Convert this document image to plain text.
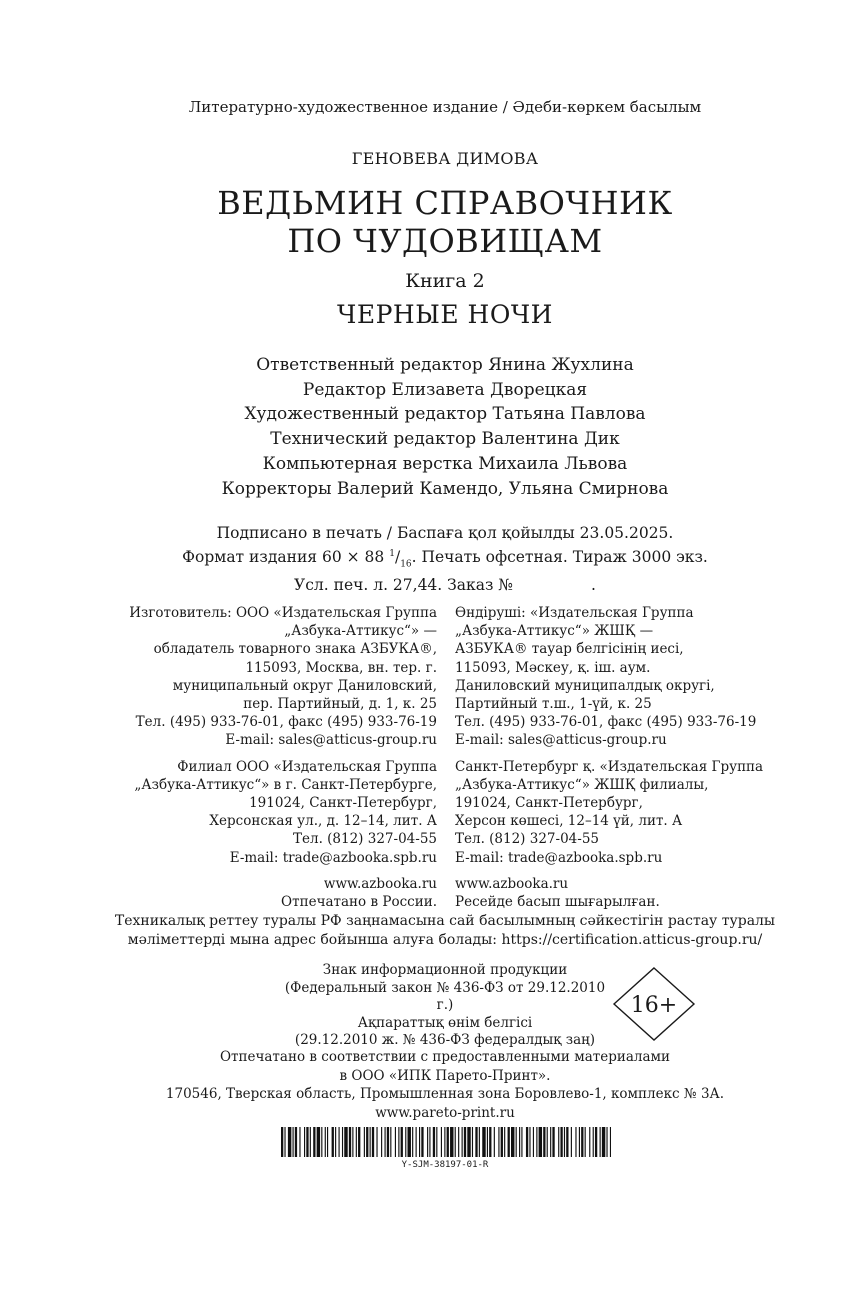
Литературно-художественное издание / Әдеби-көркем басылым
ГЕНОВЕВА ДИМОВА
ВЕДЬМИН СПРАВОЧНИК
ПО ЧУДОВИЩАМ
Книга 2
ЧЕРНЫЕ НОЧИ
Ответственный редактор Янина Жухлина
Редактор Елизавета Дворецкая
Художественный редактор Татьяна Павлова
Технический редактор Валентина Дик
Компьютерная верстка Михаила Львова
Корректоры Валерий Камендо, Ульяна Смирнова
Подписано в печать / Баспаға қол қойылды 23.05.2025.
Формат издания 60 × 88 $^1/_{16}$. Печать офсетная. Тираж 3000 экз.
Усл. печ. л. 27,44. Заказ №	.
Изготовитель: ООО «Издательская Группа
„Азбука-Аттикус“» —
обладатель товарного знака АЗБУКА®,
115093, Москва, вн. тер. г.
муниципальный округ Даниловский,
пер. Партийный, д. 1, к. 25
Тел. (495) 933-76-01, факс (495) 933-76-19
E-mail: sales@atticus-group.ru
Филиал ООО «Издательская Группа
„Азбука-Аттикус“» в г. Санкт-Петербурге,
191024, Санкт-Петербург,
Херсонская ул., д. 12–14, лит. А
Тел. (812) 327-04-55
E-mail: trade@azbooka.spb.ru
www.azbooka.ru
Отпечатано в России.
Өндіруші: «Издательская Группа
„Азбука-Аттикус“» ЖШҚ —
АЗБУКА® тауар белгісінің иесі,
115093, Мәскеу, қ. іш. аум.
Даниловский муниципалдық округі,
Партийный т.ш., 1-үй, к. 25
Тел. (495) 933-76-01, факс (495) 933-76-19
E-mail: sales@atticus-group.ru
Санкт-Петербург қ. «Издательская Группа
„Азбука-Аттикус“» ЖШҚ филиалы,
191024, Санкт-Петербург,
Херсон көшесі, 12–14 үй, лит. А
Тел. (812) 327-04-55
E-mail: trade@azbooka.spb.ru
www.azbooka.ru
Ресейде басып шығарылған.
Техникалық реттеу туралы РФ заңнамасына сай басылымның сәйкестігін растау туралы
мәліметтерді мына адрес бойынша алуға болады: https://certification.atticus-group.ru/
Знак информационной продукции
(Федеральный закон № 436-ФЗ от 29.12.2010 г.)
Ақпараттық өнім белгісі
(29.12.2010 ж. № 436-ФЗ федералдық заң)
16+
Отпечатано в соответствии с предоставленными материалами
в ООО «ИПК Парето-Принт».
170546, Тверская область, Промышленная зона Боровлево-1, комплекс № 3А.
www.pareto-print.ru
Y-SJM-38197-01-R
